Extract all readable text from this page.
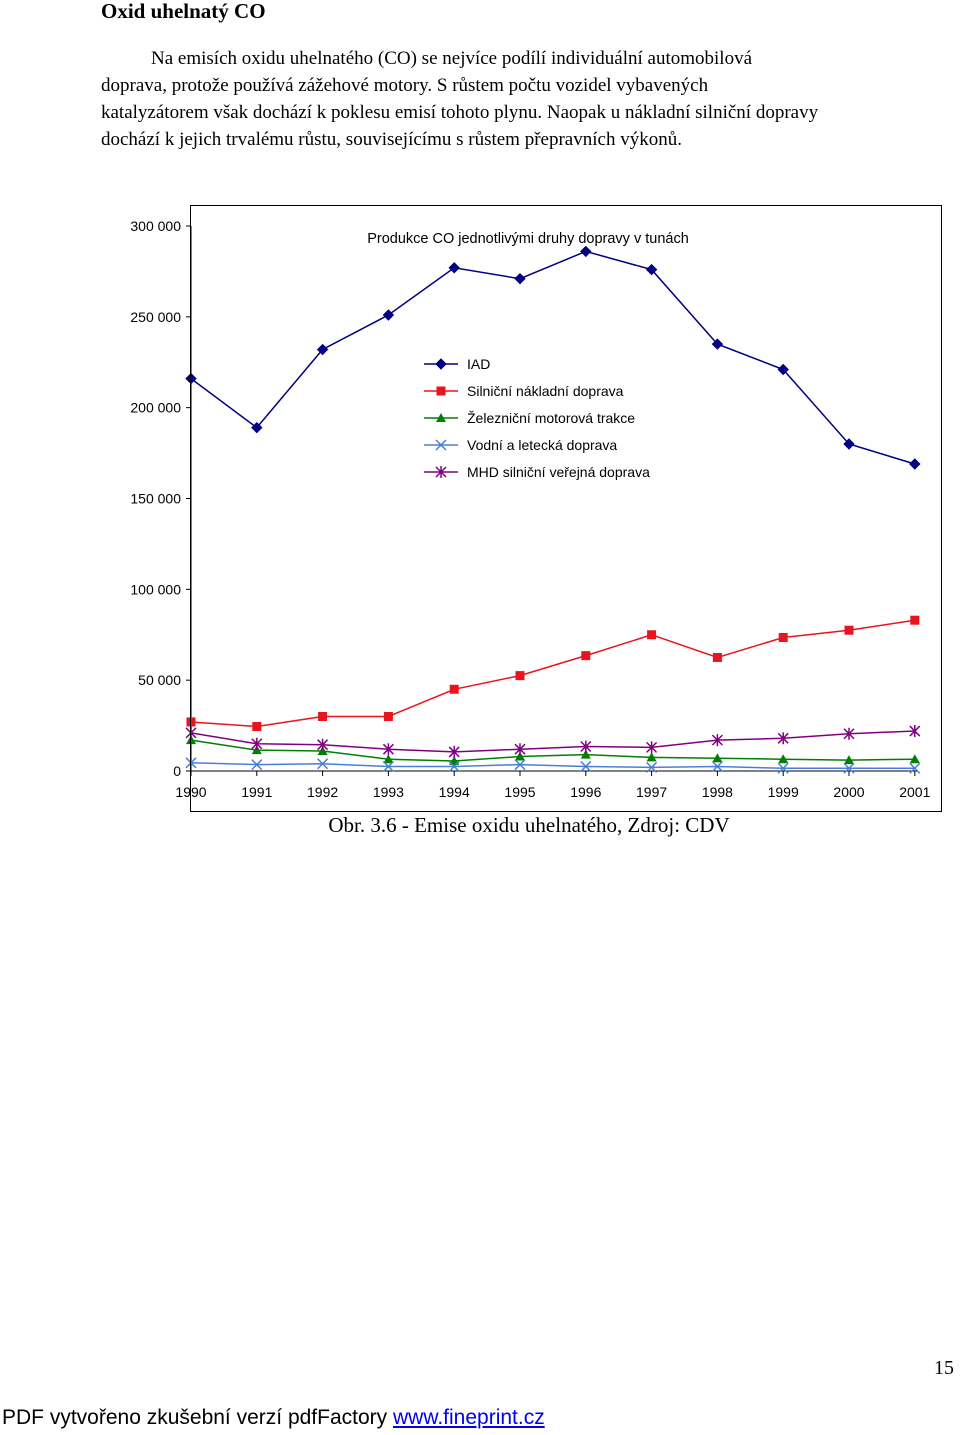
Oxid uhelnatý CO
Na emisích oxidu uhelnatého (CO) se nejvíce podílí individuální automobilová
doprava, protože používá zážehové motory. S růstem počtu vozidel vybavených
katalyzátorem však dochází k poklesu emisí tohoto plynu. Naopak u nákladní silniční dopravy
dochází k jejich trvalému růstu, souvisejícímu s růstem přepravních výkonů.
0
50 000
100 000
150 000
200 000
250 000
300 000
1990 1991 1992 1993 1994 1995 1996 1997 1998 1999 2000 2001
IAD
Silniční nákladní doprava
Železniční motorová trakce
Vodní a letecká doprava
MHD silniční veřejná doprava
Produkce CO jednotlivými druhy dopravy v tunách
Obr. 3.6 - Emise oxidu uhelnatého, Zdroj: CDV
15
PDF vytvořeno zkušební verzí pdfFactory www.fineprint.cz
